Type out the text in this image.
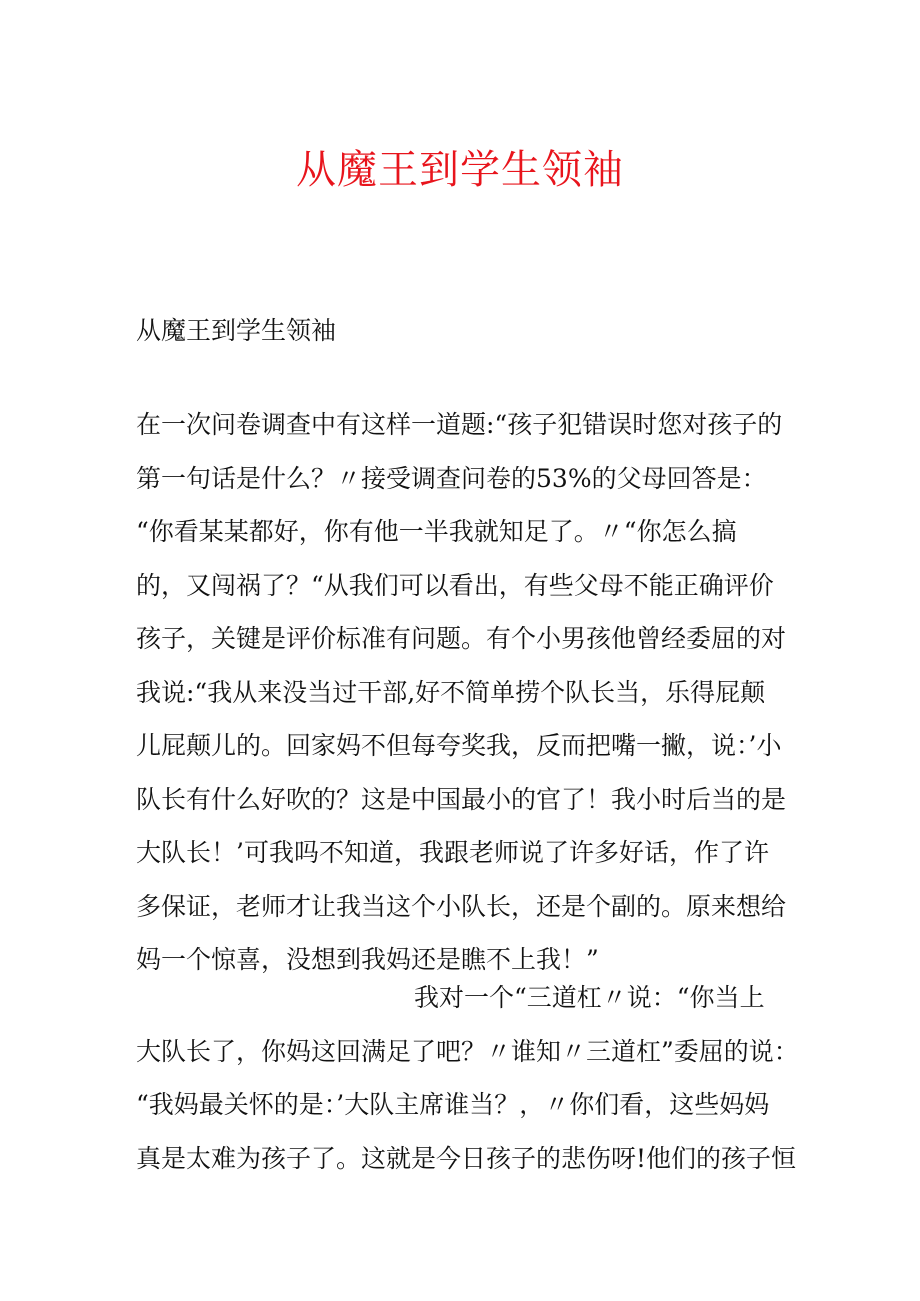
从魔王到学生领袖

从魔王到学生领袖

在一次问卷调查中有这样一道题:“孩子犯错误时您对孩子的
第一句话是什么？〃接受调查问卷的53%的父母回答是：
“你看某某都好，你有他一半我就知足了。〃“你怎么搞
的，又闯祸了？“从我们可以看出，有些父母不能正确评价
孩子，关键是评价标准有问题。有个小男孩他曾经委屈的对
我说:“我从来没当过干部,好不简单捞个队长当，乐得屁颠
儿屁颠儿的。回家妈不但每夸奖我，反而把嘴一撇，说：’小
队长有什么好吹的？这是中国最小的官了！我小时后当的是
大队长！’可我吗不知道，我跟老师说了许多好话，作了许
多保证，老师才让我当这个小队长，还是个副的。原来想给
妈一个惊喜，没想到我妈还是瞧不上我！”
我对一个“三道杠〃说：“你当上
大队长了，你妈这回满足了吧？〃谁知〃三道杠”委屈的说：
“我妈最关怀的是：’大队主席谁当？，〃你们看，这些妈妈
真是太难为孩子了。这就是今日孩子的悲伤呀!他们的孩子恒
